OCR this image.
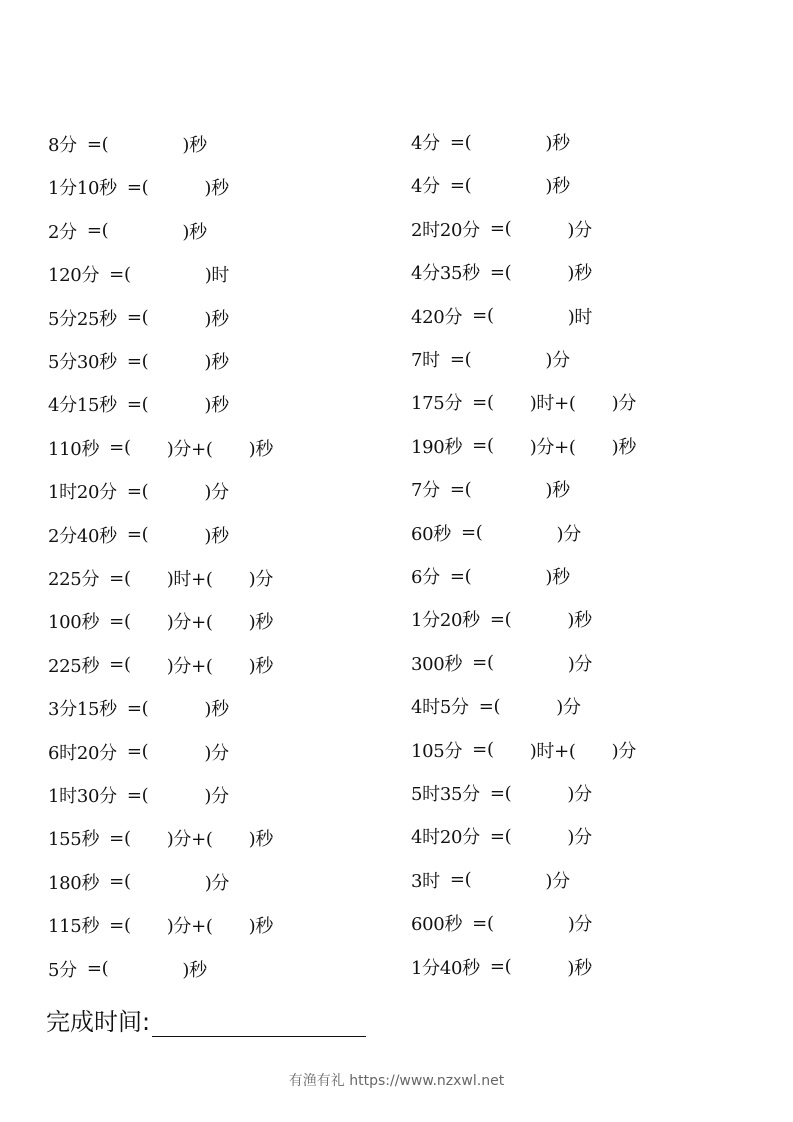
8分 =(	)秒
1分10秒 =(	)秒
2分 =(	)秒
120分 =(	)时
5分25秒 =(	)秒
5分30秒 =(	)秒
4分15秒 =(	)秒
110秒 =( )分+( )秒
1时20分 =(	)分
2分40秒 =(	)秒
225分 =( )时+( )分
100秒 =( )分+( )秒
225秒 =( )分+( )秒
3分15秒 =(	)秒
6时20分 =(	)分
1时30分 =(	)分
155秒 =( )分+( )秒
180秒 =(	)分
115秒 =( )分+( )秒
5分 =(	)秒
4分 =(	)秒
4分 =(	)秒
2时20分 =(	)分
4分35秒 =(	)秒
420分 =(	)时
7时 =(	)分
175分 =( )时+( )分
190秒 =( )分+( )秒
7分 =(	)秒
60秒 =(	)分
6分 =(	)秒
1分20秒 =(	)秒
300秒 =(	)分
4时5分 =(	)分
105分 =( )时+( )分
5时35分 =(	)分
4时20分 =(	)分
3时 =(	)分
600秒 =(	)分
1分40秒 =(	)秒
完成时间:
有渔有礼 https://www.nzxwl.net
